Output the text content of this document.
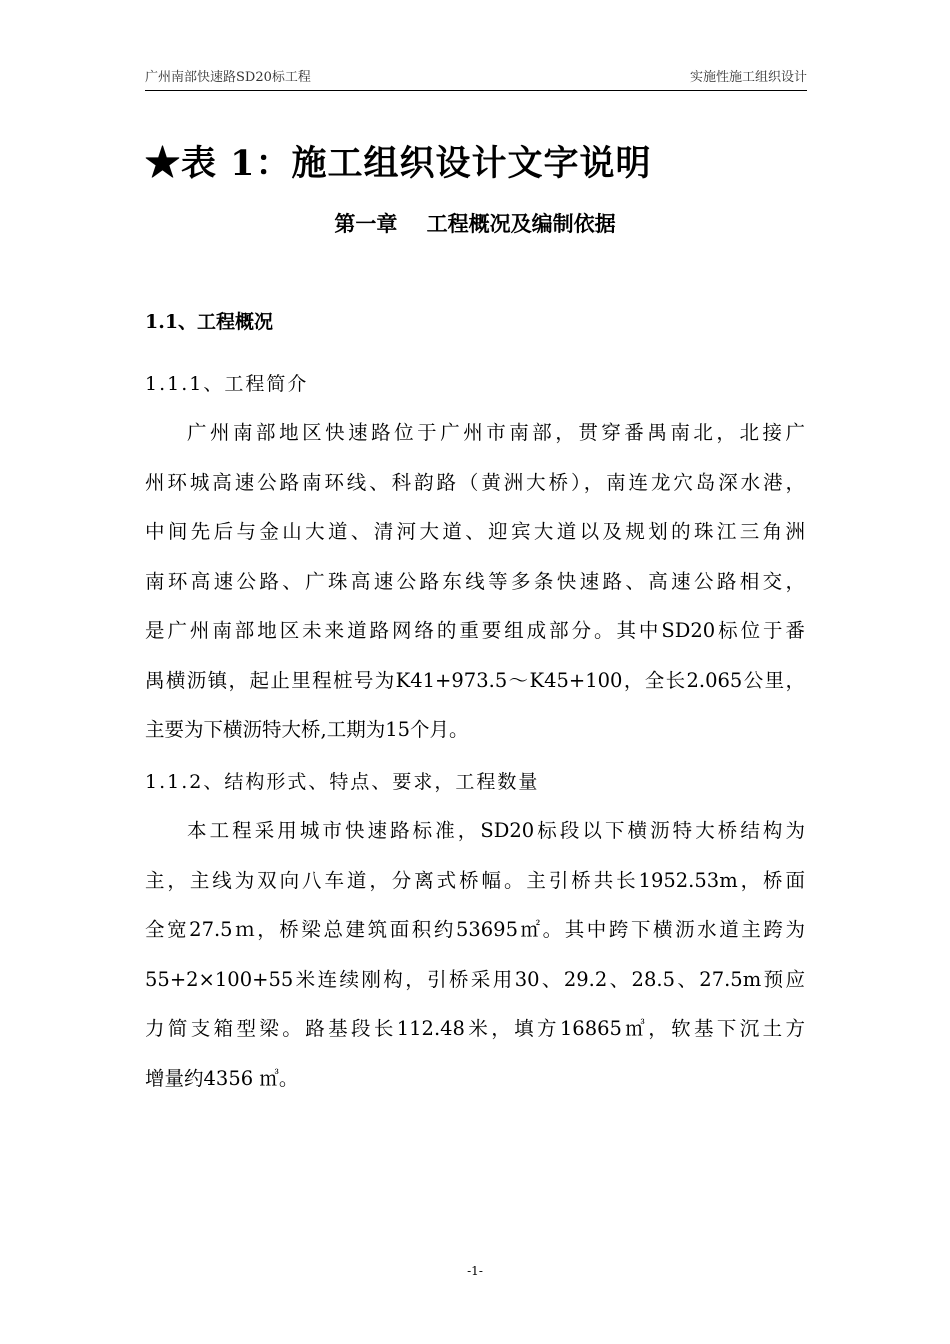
广州南部快速路SD20标工程	实施性施工组织设计
★表 1：施工组织设计文字说明
第一章    工程概况及编制依据
1.1、工程概况
1.1.1、工程简介
广州南部地区快速路位于广州市南部，贯穿番禺南北，北接广
州环城高速公路南环线、科韵路（黄洲大桥），南连龙穴岛深水港，
中间先后与金山大道、清河大道、迎宾大道以及规划的珠江三角洲
南环高速公路、广珠高速公路东线等多条快速路、高速公路相交，
是广州南部地区未来道路网络的重要组成部分。其中SD20标位于番
禺横沥镇，起止里程桩号为K41+973.5～K45+100，全长2.065公里，
主要为下横沥特大桥,工期为15个月。
1.1.2、结构形式、特点、要求，工程数量
本工程采用城市快速路标准，SD20标段以下横沥特大桥结构为
主，主线为双向八车道，分离式桥幅。主引桥共长1952.53m，桥面
全宽27.5ｍ，桥梁总建筑面积约53695㎡。其中跨下横沥水道主跨为
55+2×100+55米连续刚构，引桥采用30、29.2、28.5、27.5m预应
力简支箱型梁。路基段长112.48米，填方16865㎥，软基下沉土方
增量约4356 ㎥。
-1-
